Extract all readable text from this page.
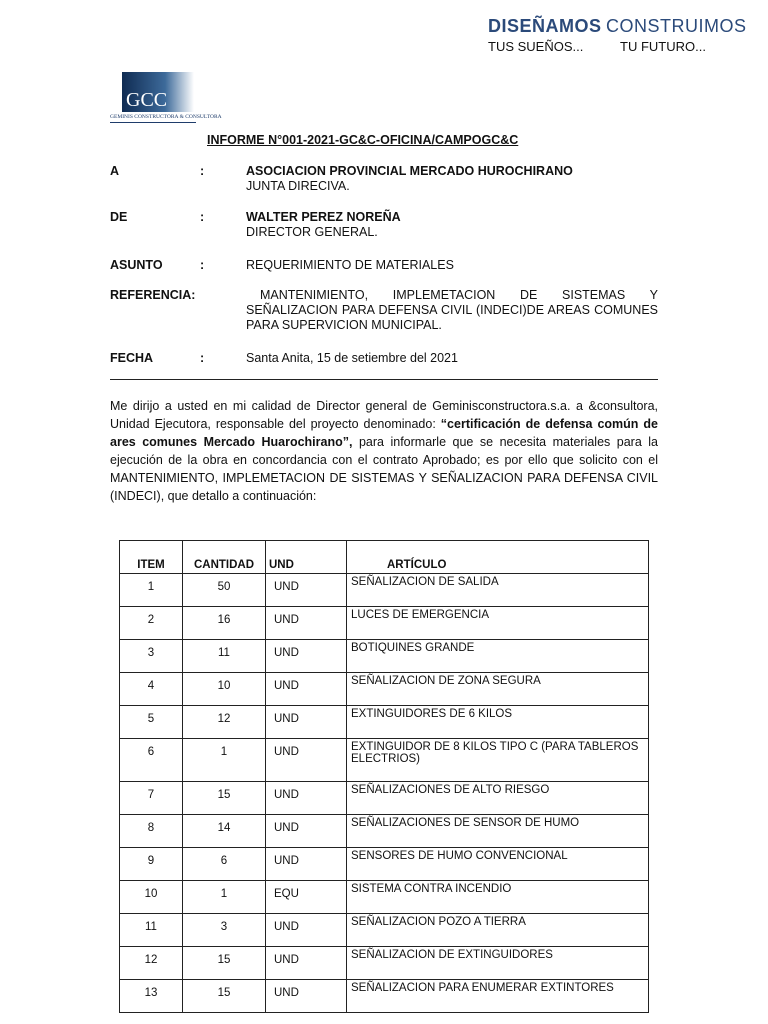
DISEÑAMOS
TUS SUEÑOS...
CONSTRUIMOS
TU FUTURO...
GCC
GEMINIS CONSTRUCTORA & CONSULTORA
INFORME N°001-2021-GC&C-OFICINA/CAMPOGC&C
A	:	ASOCIACION PROVINCIAL MERCADO HUROCHIRANO
JUNTA DIRECIVA.
DE	:	WALTER PEREZ NOREÑA
DIRECTOR GENERAL.
ASUNTO	:	REQUERIMIENTO DE MATERIALES
REFERENCIA:	MANTENIMIENTO, IMPLEMETACION DE SISTEMAS Y SEÑALIZACION PARA DEFENSA CIVIL (INDECI)DE AREAS COMUNES PARA SUPERVICION MUNICIPAL.
FECHA	:	Santa Anita, 15 de setiembre del 2021
Me dirijo a usted en mi calidad de Director general de Geminisconstructora.s.a. a &consultora, Unidad Ejecutora, responsable del proyecto denominado: “certificación de defensa común de ares comunes Mercado Huarochirano”, para informarle que se necesita materiales para la ejecución de la obra en concordancia con el contrato Aprobado; es por ello que solicito con el MANTENIMIENTO, IMPLEMETACION DE SISTEMAS Y SEÑALIZACION PARA DEFENSA CIVIL (INDECI), que detallo a continuación:
ITEM	CANTIDAD	UND	ARTÍCULO
1	50	UND	SEÑALIZACION DE SALIDA
2	16	UND	LUCES DE EMERGENCIA
3	11	UND	BOTIQUINES GRANDE
4	10	UND	SEÑALIZACION DE ZONA SEGURA
5	12	UND	EXTINGUIDORES DE 6 KILOS
6	1	UND	EXTINGUIDOR DE 8 KILOS TIPO C (PARA TABLEROS ELECTRIOS)
7	15	UND	SEÑALIZACIONES DE ALTO RIESGO
8	14	UND	SEÑALIZACIONES DE SENSOR DE HUMO
9	6	UND	SENSORES DE HUMO CONVENCIONAL
10	1	EQU	SISTEMA CONTRA INCENDIO
11	3	UND	SEÑALIZACION POZO A TIERRA
12	15	UND	SEÑALIZACION DE EXTINGUIDORES
13	15	UND	SEÑALIZACION PARA ENUMERAR EXTINTORES
